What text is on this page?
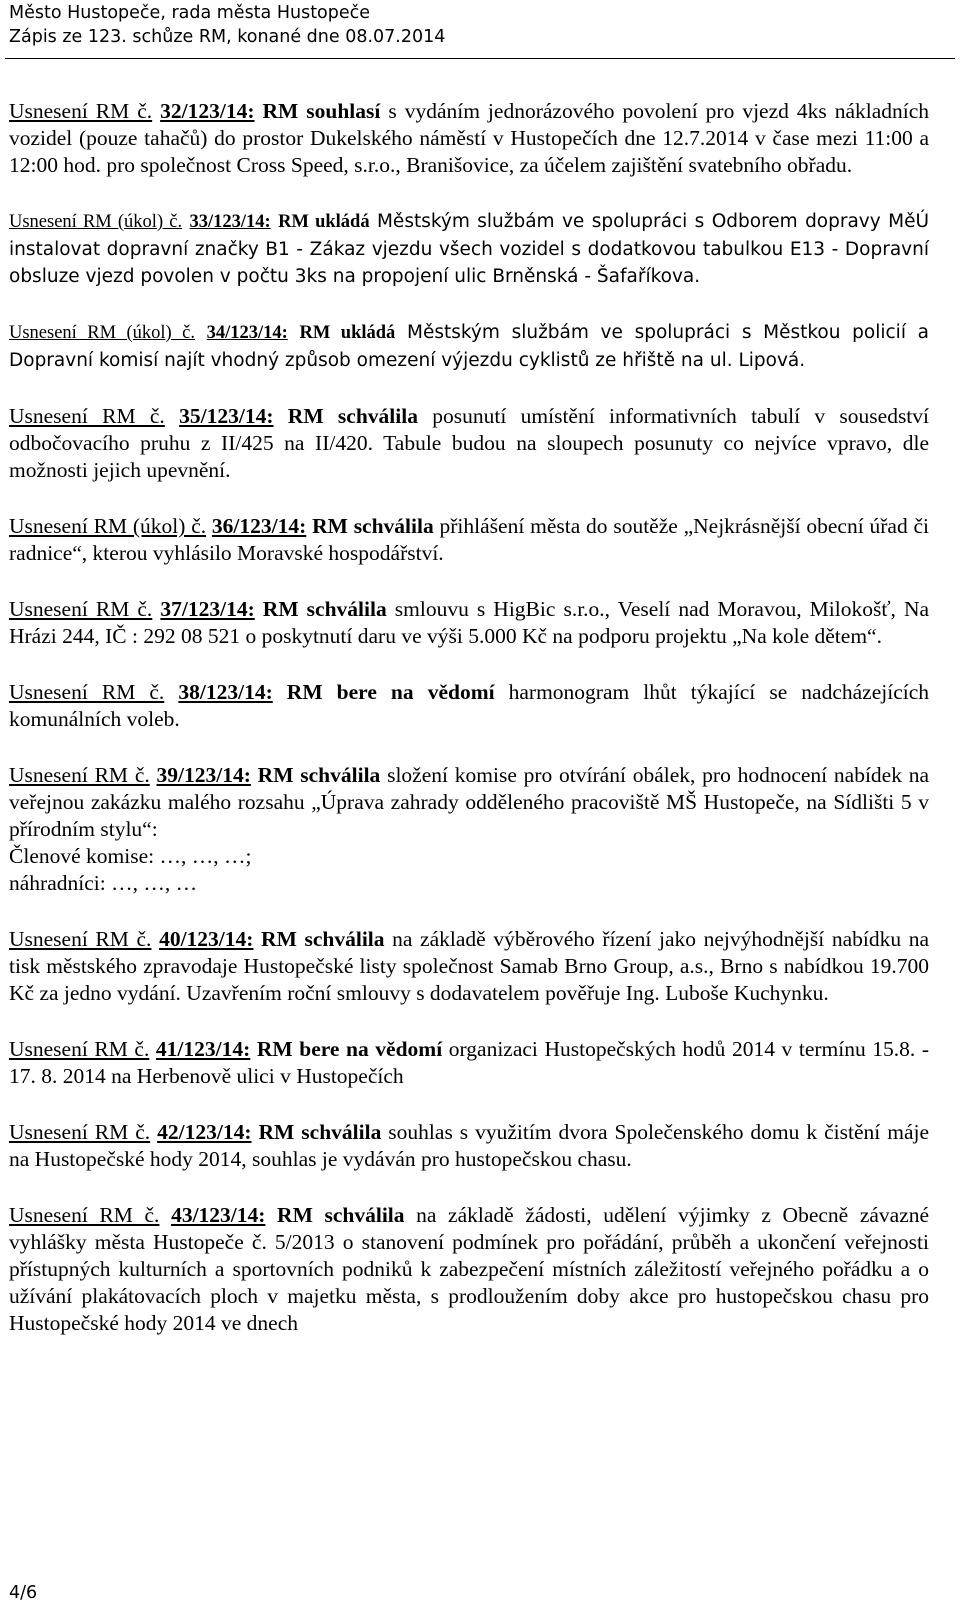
Město Hustopeče, rada města Hustopeče
Zápis ze 123. schůze RM, konané dne 08.07.2014

Usnesení RM č. 32/123/14: RM souhlasí s vydáním jednorázového povolení pro vjezd 4ks nákladních vozidel (pouze tahačů) do prostor Dukelského náměstí v Hustopečích dne 12.7.2014 v čase mezi 11:00 a 12:00 hod. pro společnost Cross Speed, s.r.o., Branišovice, za účelem zajištění svatebního obřadu.

Usnesení RM (úkol) č. 33/123/14: RM ukládá Městským službám ve spolupráci s Odborem dopravy MěÚ instalovat dopravní značky B1 - Zákaz vjezdu všech vozidel s dodatkovou tabulkou E13 - Dopravní obsluze vjezd povolen v počtu 3ks na propojení ulic Brněnská - Šafaříkova.

Usnesení RM (úkol) č. 34/123/14: RM ukládá Městským službám ve spolupráci s Městkou policií a Dopravní komisí najít vhodný způsob omezení výjezdu cyklistů ze hřiště na ul. Lipová.

Usnesení RM č. 35/123/14: RM schválila posunutí umístění informativních tabulí v sousedství odbočovacího pruhu z II/425 na II/420. Tabule budou na sloupech posunuty co nejvíce vpravo, dle možnosti jejich upevnění.

Usnesení RM (úkol) č. 36/123/14: RM schválila přihlášení města do soutěže „Nejkrásnější obecní úřad či radnice“, kterou vyhlásilo Moravské hospodářství.

Usnesení RM č. 37/123/14: RM schválila smlouvu s HigBic s.r.o., Veselí nad Moravou, Milokošť, Na Hrázi 244, IČ : 292 08 521 o poskytnutí daru ve výši 5.000 Kč na podporu projektu „Na kole dětem“.

Usnesení RM č. 38/123/14: RM bere na vědomí harmonogram lhůt týkající se nadcházejících komunálních voleb.

Usnesení RM č. 39/123/14: RM schválila složení komise pro otvírání obálek, pro hodnocení nabídek na veřejnou zakázku malého rozsahu „Úprava zahrady odděleného pracoviště MŠ Hustopeče, na Sídlišti 5 v přírodním stylu“:

Členové komise: …, …, …;
náhradníci: …, …, …

Usnesení RM č. 40/123/14: RM schválila na základě výběrového řízení jako nejvýhodnější nabídku na tisk městského zpravodaje Hustopečské listy společnost Samab Brno Group, a.s., Brno s nabídkou 19.700 Kč za jedno vydání. Uzavřením roční smlouvy s dodavatelem pověřuje Ing. Luboše Kuchynku.

Usnesení RM č. 41/123/14: RM bere na vědomí organizaci Hustopečských hodů 2014 v termínu 15.8. - 17. 8. 2014 na Herbenově ulici v Hustopečích

Usnesení RM č. 42/123/14: RM schválila souhlas s využitím dvora Společenského domu k čistění máje na Hustopečské hody 2014, souhlas je vydáván pro hustopečskou chasu.

Usnesení RM č. 43/123/14: RM schválila na základě žádosti, udělení výjimky z Obecně závazné vyhlášky města Hustopeče č. 5/2013 o stanovení podmínek pro pořádání, průběh a ukončení veřejnosti přístupných kulturních a sportovních podniků k zabezpečení místních záležitostí veřejného pořádku a o užívání plakátovacích ploch v majetku města, s prodloužením doby akce pro hustopečskou chasu pro Hustopečské hody 2014 ve dnech

4/6
